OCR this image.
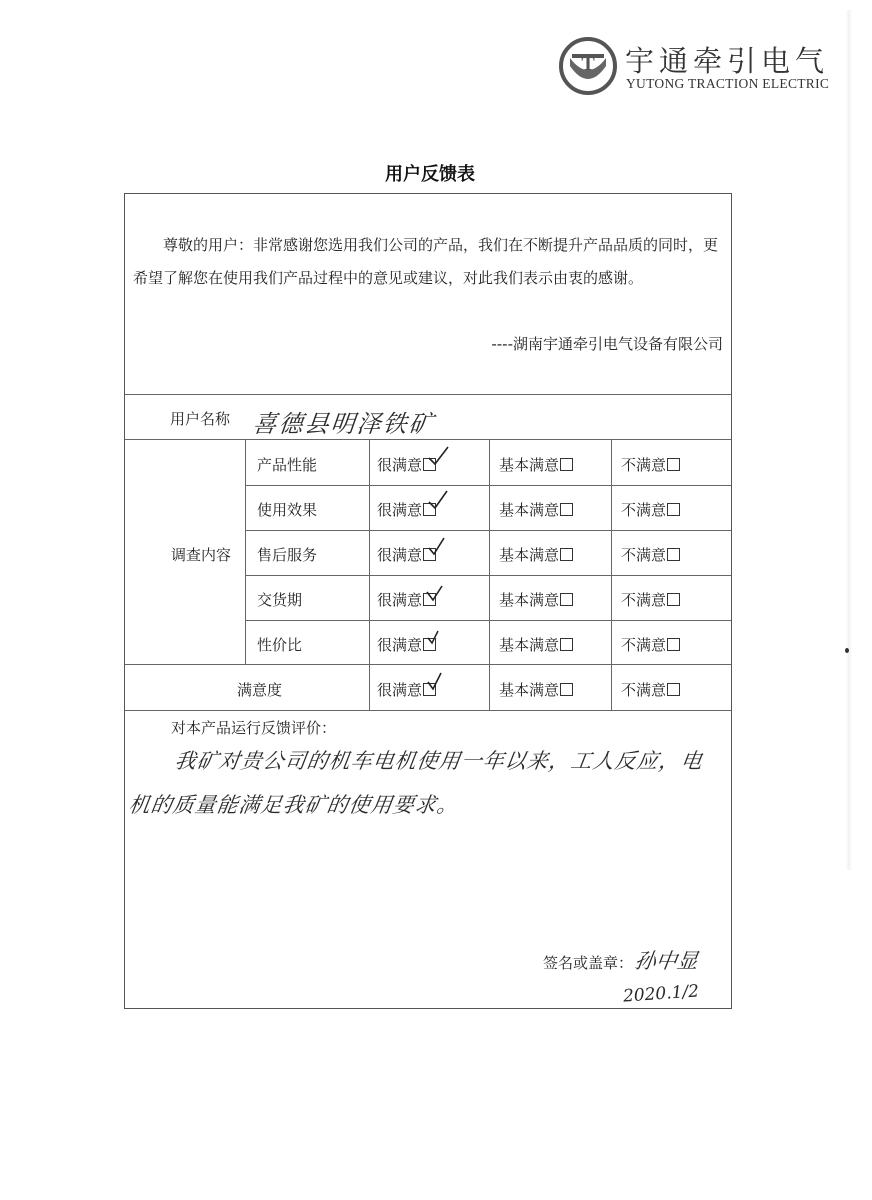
T 宇通牵引电气
YUTONG TRACTION ELECTRIC
用户反馈表
尊敬的用户：非常感谢您选用我们公司的产品，我们在不断提升产品品质的同时，更希望了解您在使用我们产品过程中的意见或建议，对此我们表示由衷的感谢。
----湖南宇通牵引电气设备有限公司
用户名称 喜德县明泽铁矿
调查内容
产品性能	很满意	基本满意	不满意
使用效果	很满意	基本满意	不满意
售后服务	很满意	基本满意	不满意
交货期	很满意	基本满意	不满意
性价比	很满意	基本满意	不满意
满意度	很满意	基本满意	不满意
对本产品运行反馈评价：
我矿对贵公司的机车电机使用一年以来，工人反应，电
机的质量能满足我矿的使用要求。
签名或盖章： 孙中显
2020.1/2
